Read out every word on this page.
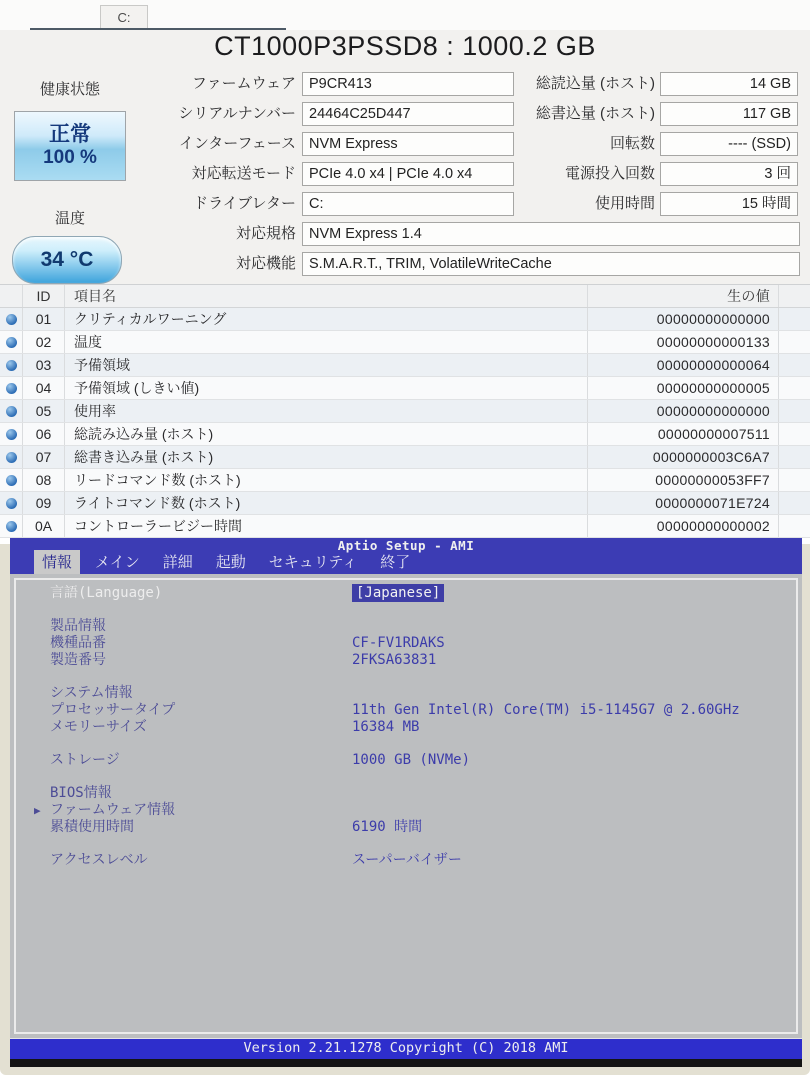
C:
CT1000P3PSSD8 : 1000.2 GB
健康状態
正常
100 %
温度
34 °C
ファームウェア P9CR413	総読込量 (ホスト)	14 GB
シリアルナンバー 24464C25D447	総書込量 (ホスト)	117 GB
インターフェース NVM Express	回転数	---- (SSD)
対応転送モード PCIe 4.0 x4 | PCIe 4.0 x4	電源投入回数	3 回
ドライブレター C:	使用時間	15 時間
対応規格 NVM Express 1.4
対応機能 S.M.A.R.T., TRIM, VolatileWriteCache
ID	項目名	生の値
01	クリティカルワーニング	00000000000000
02	温度	00000000000133
03	予備領域	00000000000064
04	予備領域 (しきい値)	00000000000005
05	使用率	00000000000000
06	総読み込み量 (ホスト)	00000000007511
07	総書き込み量 (ホスト)	0000000003C6A7
08	リードコマンド数 (ホスト)	00000000053FF7
09	ライトコマンド数 (ホスト)	0000000071E724
0A	コントローラービジー時間	00000000000002
Aptio Setup - AMI
情報	メイン	詳細	起動	セキュリティ	終了
言語(Language)	[Japanese]
製品情報
機種品番	CF-FV1RDAKS
製造番号	2FKSA63831
システム情報
プロセッサータイプ	11th Gen Intel(R) Core(TM) i5-1145G7 @ 2.60GHz
メモリーサイズ	16384 MB
ストレージ	1000 GB (NVMe)
BIOS情報
▶ ファームウェア情報
累積使用時間	6190 時間
アクセスレベル	スーパーバイザー
Version 2.21.1278 Copyright (C) 2018 AMI
